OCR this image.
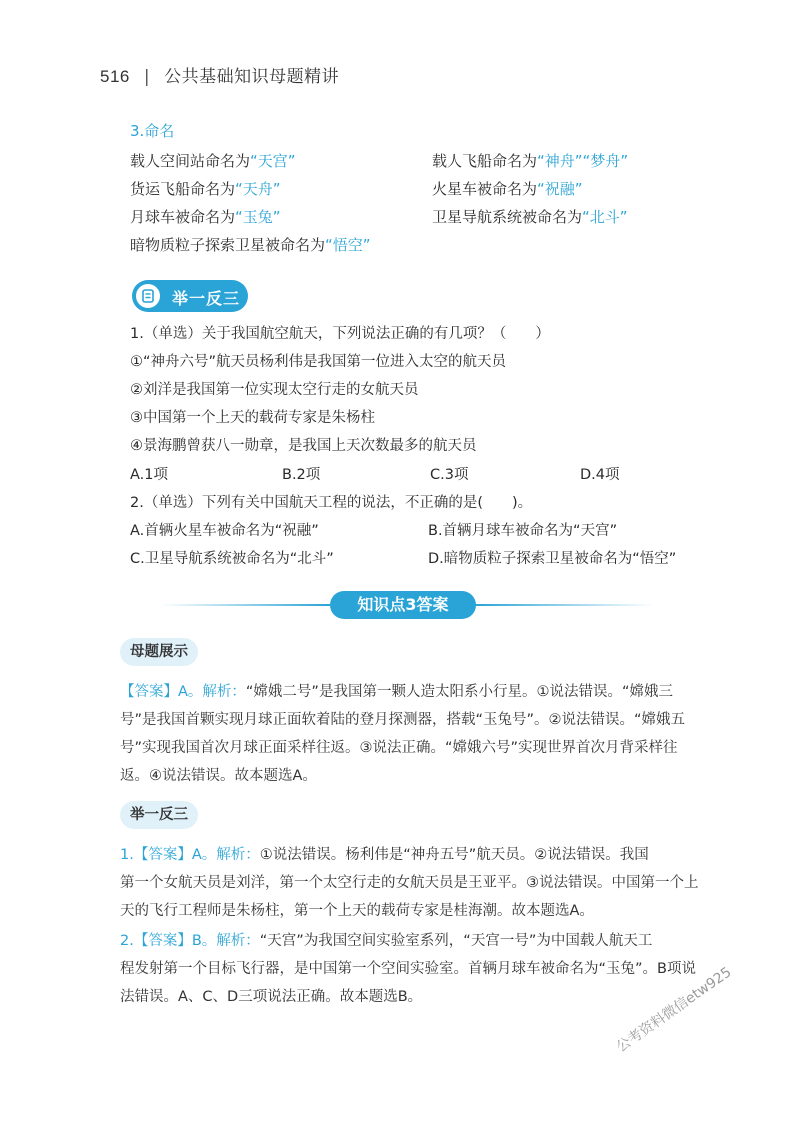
516 | 公共基础知识母题精讲
3.命名
载人空间站命名为“天宫”	载人飞船命名为“神舟”“梦舟”
货运飞船命名为“天舟”	火星车被命名为“祝融”
月球车被命名为“玉兔”	卫星导航系统被命名为“北斗”
暗物质粒子探索卫星被命名为“悟空”
举一反三
1.（单选）关于我国航空航天，下列说法正确的有几项？（　　）
①“神舟六号”航天员杨利伟是我国第一位进入太空的航天员
②刘洋是我国第一位实现太空行走的女航天员
③中国第一个上天的载荷专家是朱杨柱
④景海鹏曾获八一勋章，是我国上天次数最多的航天员
A.1项	B.2项	C.3项	D.4项
2.（单选）下列有关中国航天工程的说法，不正确的是(　　)。
A.首辆火星车被命名为“祝融”	B.首辆月球车被命名为“天宫”
C.卫星导航系统被命名为“北斗”	D.暗物质粒子探索卫星被命名为“悟空”
知识点3答案
母题展示
【答案】A。解析：“嫦娥二号”是我国第一颗人造太阳系小行星。①说法错误。“嫦娥三
号”是我国首颗实现月球正面软着陆的登月探测器，搭载“玉兔号”。②说法错误。“嫦娥五
号”实现我国首次月球正面采样往返。③说法正确。“嫦娥六号”实现世界首次月背采样往
返。④说法错误。故本题选A。
举一反三
1.【答案】A。解析：①说法错误。杨利伟是“神舟五号”航天员。②说法错误。我国
第一个女航天员是刘洋，第一个太空行走的女航天员是王亚平。③说法错误。中国第一个上
天的飞行工程师是朱杨柱，第一个上天的载荷专家是桂海潮。故本题选A。
2.【答案】B。解析：“天宫”为我国空间实验室系列，“天宫一号”为中国载人航天工
程发射第一个目标飞行器，是中国第一个空间实验室。首辆月球车被命名为“玉兔”。B项说
法错误。A、C、D三项说法正确。故本题选B。	公考资料微信etw925
